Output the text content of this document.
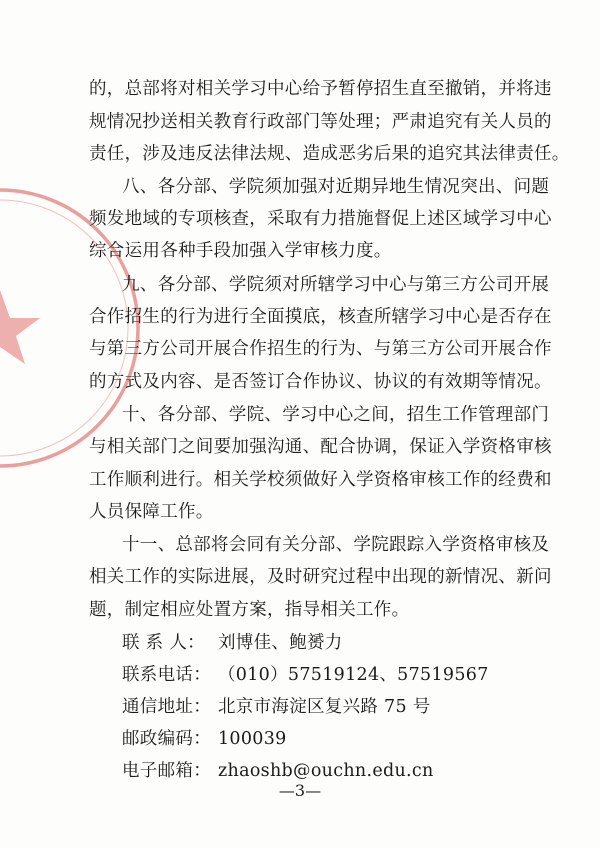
的，总部将对相关学习中心给予暂停招生直至撤销，并将违
规情况抄送相关教育行政部门等处理；严肃追究有关人员的
责任，涉及违反法律法规、造成恶劣后果的追究其法律责任。
八、各分部、学院须加强对近期异地生情况突出、问题
频发地域的专项核查，采取有力措施督促上述区域学习中心
综合运用各种手段加强入学审核力度。
九、各分部、学院须对所辖学习中心与第三方公司开展
合作招生的行为进行全面摸底，核查所辖学习中心是否存在
与第三方公司开展合作招生的行为、与第三方公司开展合作
的方式及内容、是否签订合作协议、协议的有效期等情况。
十、各分部、学院、学习中心之间，招生工作管理部门
与相关部门之间要加强沟通、配合协调，保证入学资格审核
工作顺利进行。相关学校须做好入学资格审核工作的经费和
人员保障工作。
十一、总部将会同有关分部、学院跟踪入学资格审核及
相关工作的实际进展，及时研究过程中出现的新情况、新问
题，制定相应处置方案，指导相关工作。
联 系 人： 刘博佳、鲍赟力
联系电话： （010）57519124、57519567
通信地址： 北京市海淀区复兴路 75 号
邮政编码： 100039
电子邮箱： zhaoshb@ouchn.edu.cn
—3—
